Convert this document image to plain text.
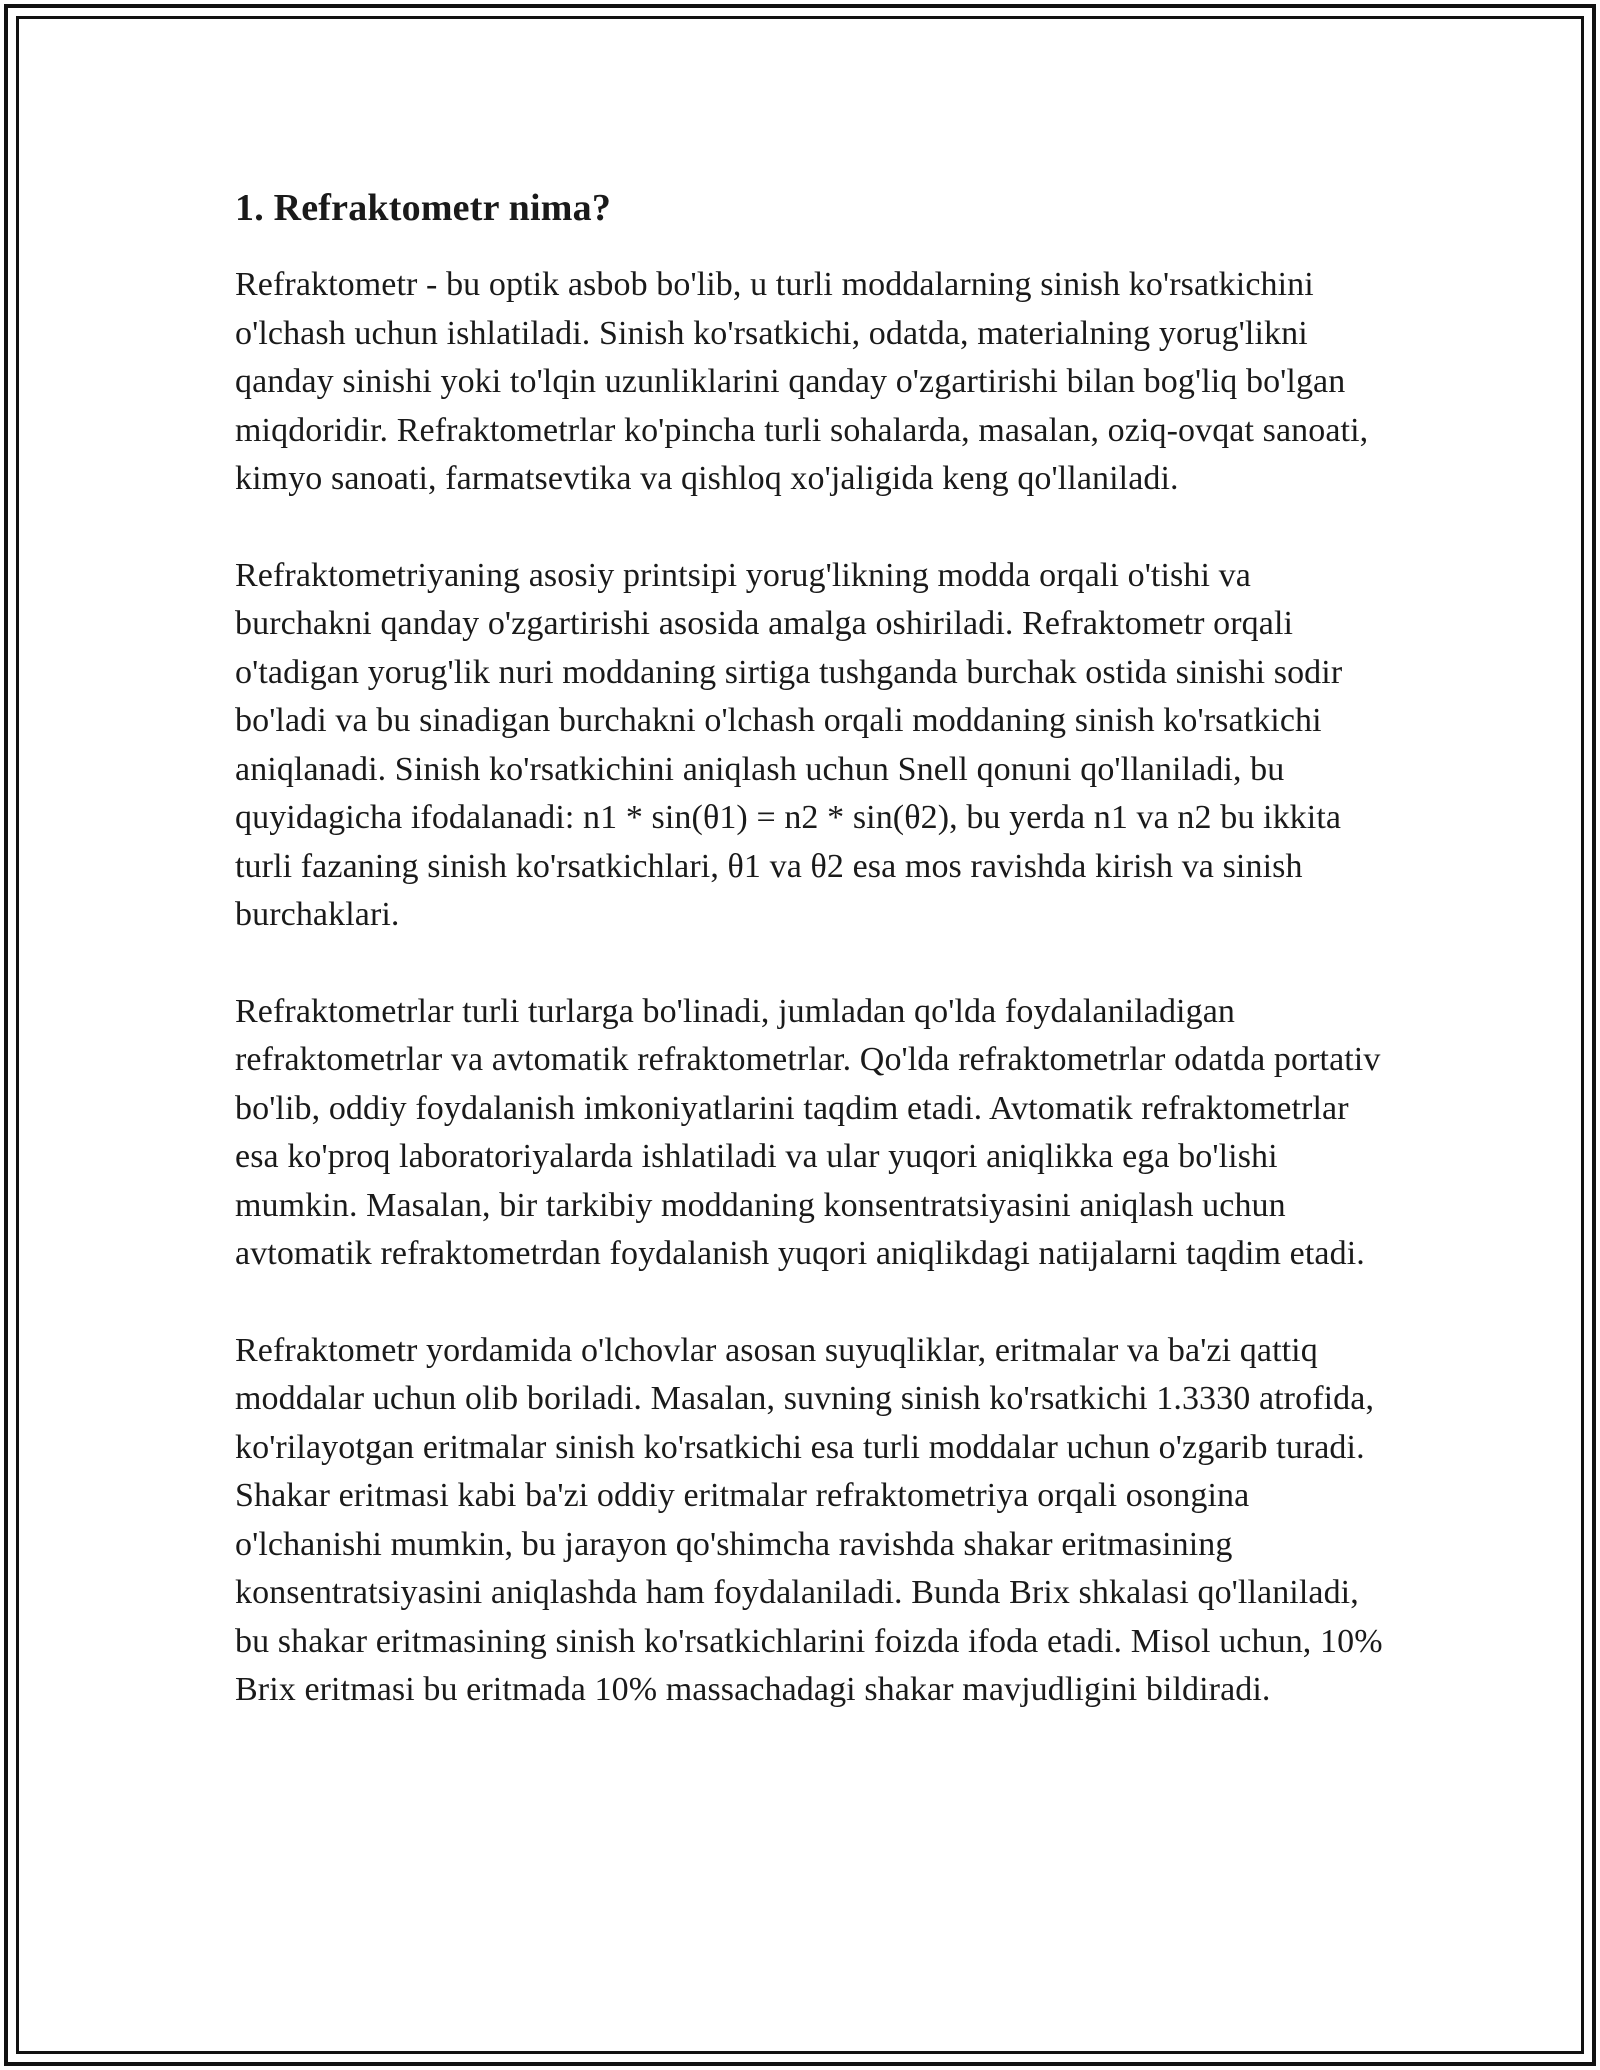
1. Refraktometr nima?

Refraktometr - bu optik asbob bo'lib, u turli moddalarning sinish ko'rsatkichini o'lchash uchun ishlatiladi. Sinish ko'rsatkichi, odatda, materialning yorug'likni qanday sinishi yoki to'lqin uzunliklarini qanday o'zgartirishi bilan bog'liq bo'lgan miqdoridir. Refraktometrlar ko'pincha turli sohalarda, masalan, oziq-ovqat sanoati, kimyo sanoati, farmatsevtika va qishloq xo'jaligida keng qo'llaniladi.

Refraktometriyaning asosiy printsipi yorug'likning modda orqali o'tishi va burchakni qanday o'zgartirishi asosida amalga oshiriladi. Refraktometr orqali o'tadigan yorug'lik nuri moddaning sirtiga tushganda burchak ostida sinishi sodir bo'ladi va bu sinadigan burchakni o'lchash orqali moddaning sinish ko'rsatkichi aniqlanadi. Sinish ko'rsatkichini aniqlash uchun Snell qonuni qo'llaniladi, bu quyidagicha ifodalanadi: n1 * sin(θ1) = n2 * sin(θ2), bu yerda n1 va n2 bu ikkita turli fazaning sinish ko'rsatkichlari, θ1 va θ2 esa mos ravishda kirish va sinish burchaklari.

Refraktometrlar turli turlarga bo'linadi, jumladan qo'lda foydalaniladigan refraktometrlar va avtomatik refraktometrlar. Qo'lda refraktometrlar odatda portativ bo'lib, oddiy foydalanish imkoniyatlarini taqdim etadi. Avtomatik refraktometrlar esa ko'proq laboratoriyalarda ishlatiladi va ular yuqori aniqlikka ega bo'lishi mumkin. Masalan, bir tarkibiy moddaning konsentratsiyasini aniqlash uchun avtomatik refraktometrdan foydalanish yuqori aniqlikdagi natijalarni taqdim etadi.

Refraktometr yordamida o'lchovlar asosan suyuqliklar, eritmalar va ba'zi qattiq moddalar uchun olib boriladi. Masalan, suvning sinish ko'rsatkichi 1.3330 atrofida, ko'rilayotgan eritmalar sinish ko'rsatkichi esa turli moddalar uchun o'zgarib turadi. Shakar eritmasi kabi ba'zi oddiy eritmalar refraktometriya orqali osongina o'lchanishi mumkin, bu jarayon qo'shimcha ravishda shakar eritmasining konsentratsiyasini aniqlashda ham foydalaniladi. Bunda Brix shkalasi qo'llaniladi, bu shakar eritmasining sinish ko'rsatkichlarini foizda ifoda etadi. Misol uchun, 10% Brix eritmasi bu eritmada 10% massachadagi shakar mavjudligini bildiradi.
